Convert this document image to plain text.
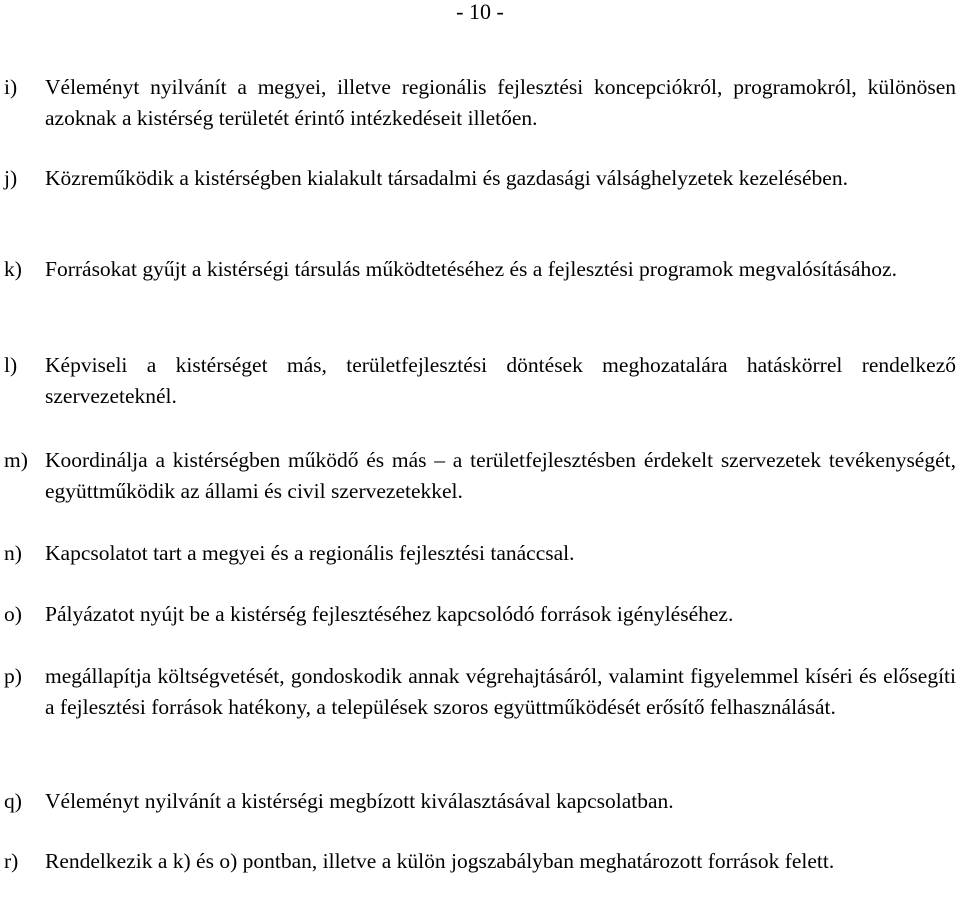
- 10 -
i) Véleményt nyilvánít a megyei, illetve regionális fejlesztési koncepciókról, programokról, különösen azoknak a kistérség területét érintő intézkedéseit illetően.
j) Közreműködik a kistérségben kialakult társadalmi és gazdasági válsághelyzetek kezelésében.
k) Forrásokat gyűjt a kistérségi társulás működtetéséhez és a fejlesztési programok megvalósításához.
l) Képviseli a kistérséget más, területfejlesztési döntések meghozatalára hatáskörrel rendelkező szervezeteknél.
m) Koordinálja a kistérségben működő és más – a területfejlesztésben érdekelt szervezetek tevékenységét, együttműködik az állami és civil szervezetekkel.
n) Kapcsolatot tart a megyei és a regionális fejlesztési tanáccsal.
o) Pályázatot nyújt be a kistérség fejlesztéséhez kapcsolódó források igényléséhez.
p) megállapítja költségvetését, gondoskodik annak végrehajtásáról, valamint figyelemmel kíséri és elősegíti a fejlesztési források hatékony, a települések szoros együttműködését erősítő felhasználását.
q) Véleményt nyilvánít a kistérségi megbízott kiválasztásával kapcsolatban.
r) Rendelkezik a k) és o) pontban, illetve a külön jogszabályban meghatározott források felett.
